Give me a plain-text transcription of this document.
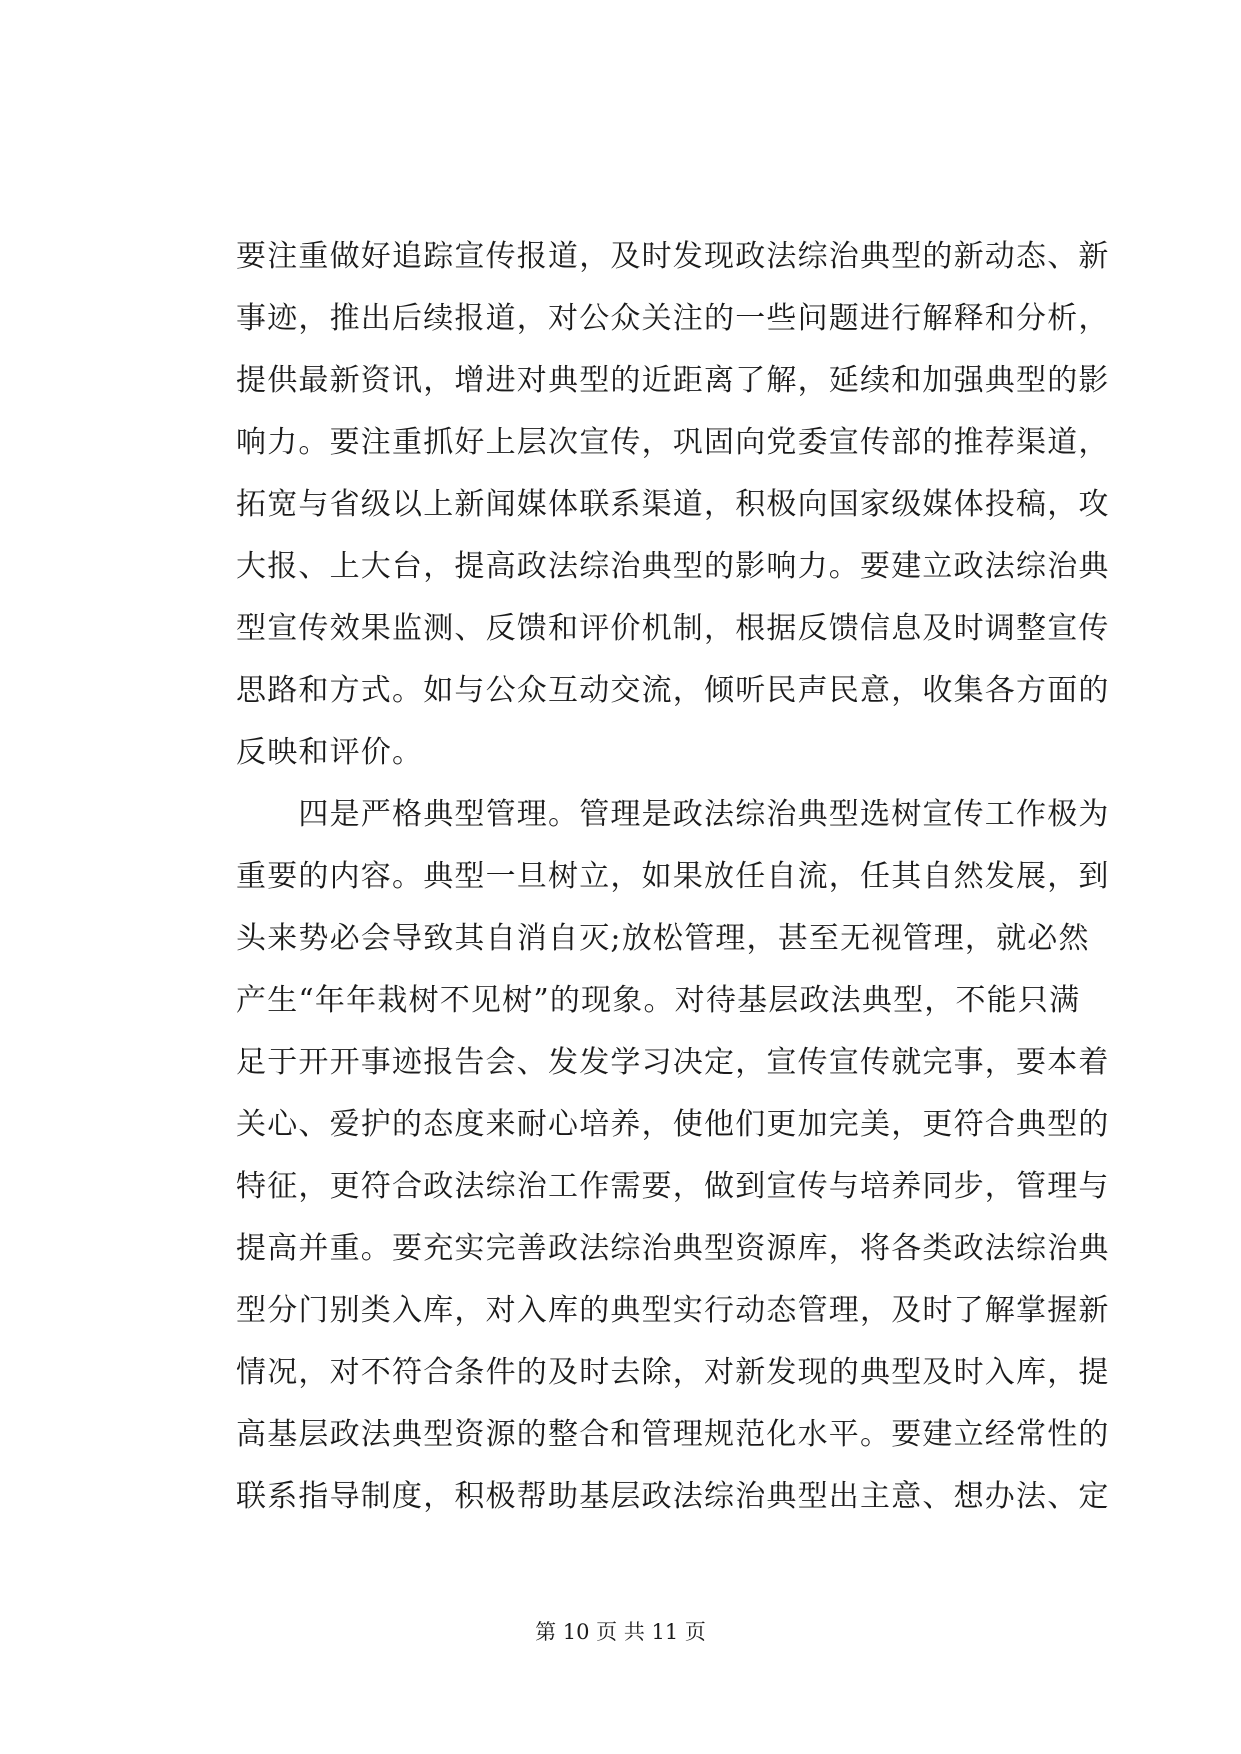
要注重做好追踪宣传报道，及时发现政法综治典型的新动态、新
事迹，推出后续报道，对公众关注的一些问题进行解释和分析，
提供最新资讯，增进对典型的近距离了解，延续和加强典型的影
响力。要注重抓好上层次宣传，巩固向党委宣传部的推荐渠道，
拓宽与省级以上新闻媒体联系渠道，积极向国家级媒体投稿，攻
大报、上大台，提高政法综治典型的影响力。要建立政法综治典
型宣传效果监测、反馈和评价机制，根据反馈信息及时调整宣传
思路和方式。如与公众互动交流，倾听民声民意，收集各方面的
反映和评价。
　　四是严格典型管理。管理是政法综治典型选树宣传工作极为
重要的内容。典型一旦树立，如果放任自流，任其自然发展，到
头来势必会导致其自消自灭;放松管理，甚至无视管理，就必然
产生“年年栽树不见树”的现象。对待基层政法典型，不能只满
足于开开事迹报告会、发发学习决定，宣传宣传就完事，要本着
关心、爱护的态度来耐心培养，使他们更加完美，更符合典型的
特征，更符合政法综治工作需要，做到宣传与培养同步，管理与
提高并重。要充实完善政法综治典型资源库，将各类政法综治典
型分门别类入库，对入库的典型实行动态管理，及时了解掌握新
情况，对不符合条件的及时去除，对新发现的典型及时入库，提
高基层政法典型资源的整合和管理规范化水平。要建立经常性的
联系指导制度，积极帮助基层政法综治典型出主意、想办法、定
第 10 页 共 11 页
